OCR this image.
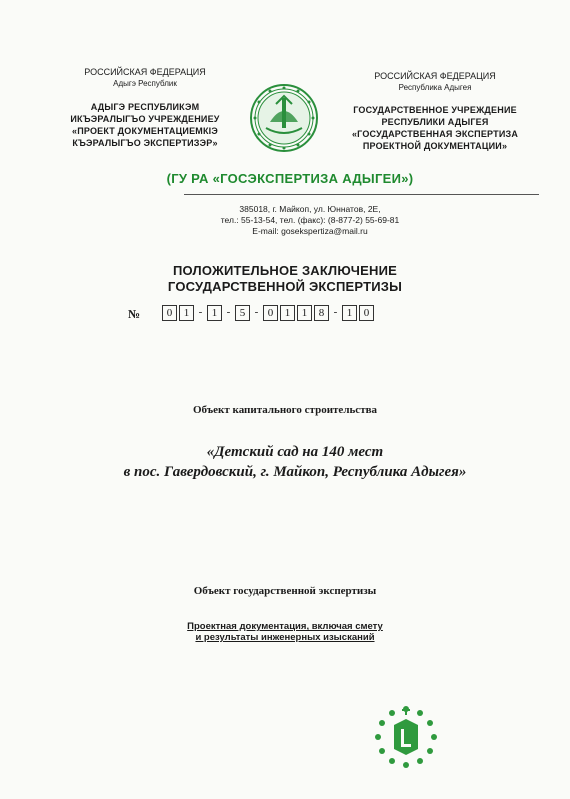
РОССИЙСКАЯ ФЕДЕРАЦИЯ
Адыгэ Республик
АДЫГЭ РЕСПУБЛИКЭМ
ИКЪЭРАЛЫГЪО УЧРЕЖДЕНИЕУ
«ПРОЕКТ ДОКУМЕНТАЦИЕМКІЭ
КЪЭРАЛЫГЪО ЭКСПЕРТИЗЭР»
РОССИЙСКАЯ ФЕДЕРАЦИЯ
Республика Адыгея
ГОСУДАРСТВЕННОЕ УЧРЕЖДЕНИЕ
РЕСПУБЛИКИ АДЫГЕЯ
«ГОСУДАРСТВЕННАЯ ЭКСПЕРТИЗА
ПРОЕКТНОЙ ДОКУМЕНТАЦИИ»
(ГУ РА «ГОСЭКСПЕРТИЗА АДЫГЕИ»)
385018, г. Майкоп, ул. Юннатов, 2Е,
тел.: 55-13-54, тел. (факс): (8-877-2) 55-69-81
E-mail: gosekspertiza@mail.ru
ПОЛОЖИТЕЛЬНОЕ ЗАКЛЮЧЕНИЕ
ГОСУДАРСТВЕННОЙ ЭКСПЕРТИЗЫ
№	0	1 - 1 - 5 - 0	1	1	8 - 1	0
Объект капитального строительства
«Детский сад на 140 мест
в пос. Гавердовский, г. Майкоп, Республика Адыгея»
Объект государственной экспертизы
Проектная документация, включая смету
и результаты инженерных изысканий
